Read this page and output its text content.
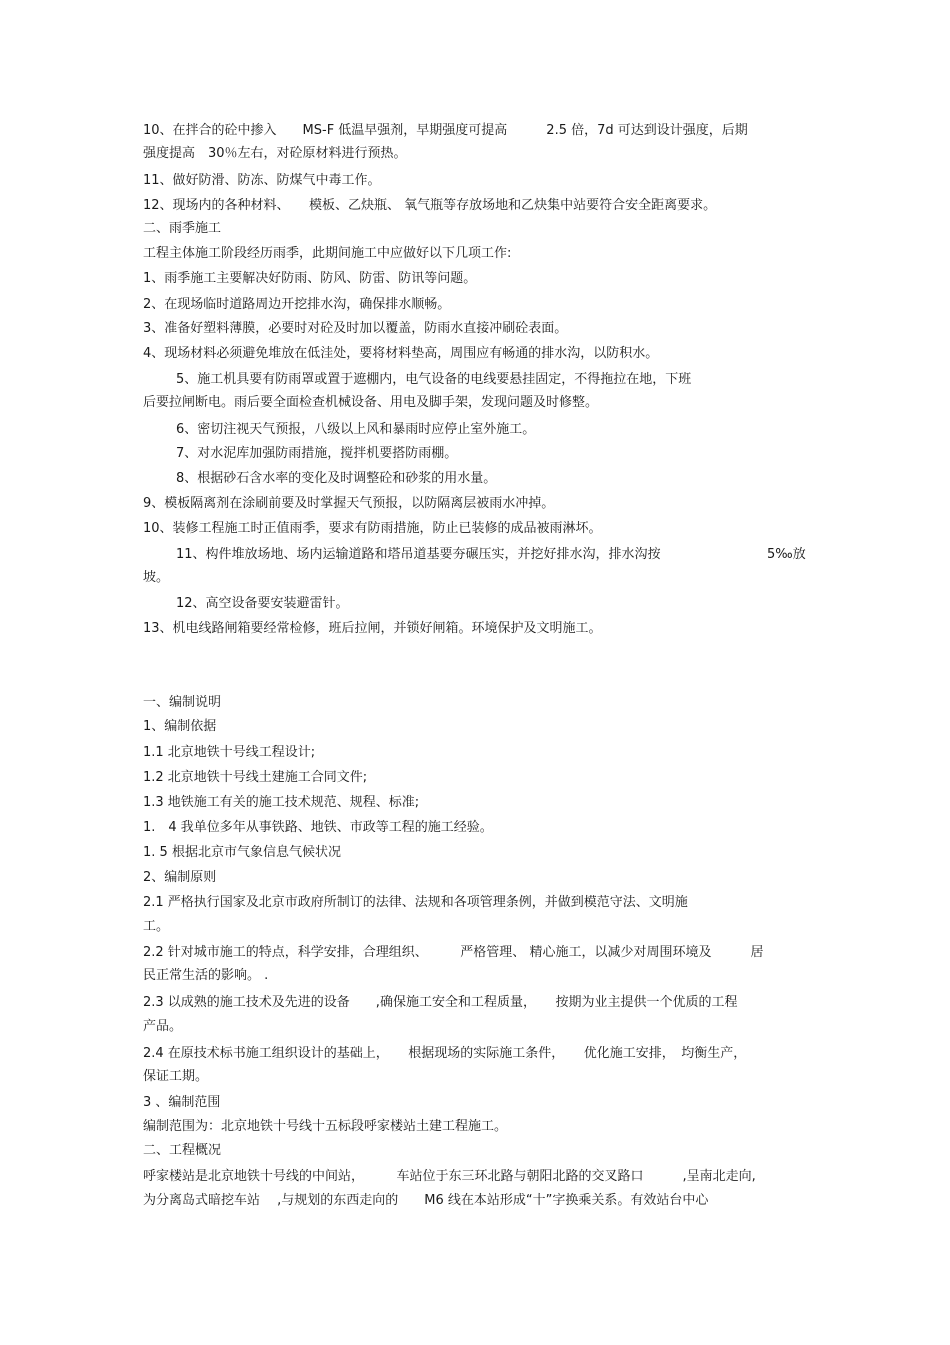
10、在拌合的砼中掺入　　MS-F 低温早强剂，早期强度可提高　　　2.5 倍，7d 可达到设计强度，后期
强度提高　30％左右，对砼原材料进行预热。
11、做好防滑、防冻、防煤气中毒工作。
12、现场内的各种材料、　　模板、乙炔瓶、 氧气瓶等存放场地和乙炔集中站要符合安全距离要求。
二、雨季施工
工程主体施工阶段经历雨季，此期间施工中应做好以下几项工作:
1、雨季施工主要解决好防雨、防风、防雷、防讯等问题。
2、在现场临时道路周边开挖排水沟，确保排水顺畅。
3、准备好塑料薄膜，必要时对砼及时加以覆盖，防雨水直接冲刷砼表面。
4、现场材料必须避免堆放在低洼处，要将材料垫高，周围应有畅通的排水沟，以防积水。
5、施工机具要有防雨罩或置于遮棚内，电气设备的电线要悬挂固定，不得拖拉在地，下班
后要拉闸断电。雨后要全面检查机械设备、用电及脚手架，发现问题及时修整。
6、密切注视天气预报，八级以上风和暴雨时应停止室外施工。
7、对水泥库加强防雨措施，搅拌机要搭防雨棚。
8、根据砂石含水率的变化及时调整砼和砂浆的用水量。
9、模板隔离剂在涂刷前要及时掌握天气预报，以防隔离层被雨水冲掉。
10、装修工程施工时正值雨季，要求有防雨措施，防止已装修的成品被雨淋坏。
11、构件堆放场地、场内运输道路和塔吊道基要夯碾压实，并挖好排水沟，排水沟按	5‰放
坡。
12、高空设备要安装避雷针。
13、机电线路闸箱要经常检修，班后拉闸，并锁好闸箱。环境保护及文明施工。
一、编制说明
1、编制依据
1.1 北京地铁十号线工程设计;
1.2 北京地铁十号线土建施工合同文件;
1.3 地铁施工有关的施工技术规范、规程、标准;
1.　4 我单位多年从事铁路、地铁、市政等工程的施工经验。
1. 5 根据北京市气象信息气候状况
2、编制原则
2.1 严格执行国家及北京市政府所制订的法律、法规和各项管理条例，并做到模范守法、文明施
工。
2.2 针对城市施工的特点，科学安排，合理组织、　　　严格管理、 精心施工，以减少对周围环境及　　　居
民正常生活的影响。 .
2.3 以成熟的施工技术及先进的设备　　,确保施工安全和工程质量，　　按期为业主提供一个优质的工程
产品。
2.4 在原技术标书施工组织设计的基础上，　　根据现场的实际施工条件，　　优化施工安排，　均衡生产，
保证工期。
3 、编制范围
编制范围为：北京地铁十号线十五标段呼家楼站土建工程施工。
二、工程概况
呼家楼站是北京地铁十号线的中间站，　　　车站位于东三环北路与朝阳北路的交叉路口　　　,呈南北走向,
为分离岛式暗挖车站　 ,与规划的东西走向的　　M6 线在本站形成“十”字换乘关系。有效站台中心
